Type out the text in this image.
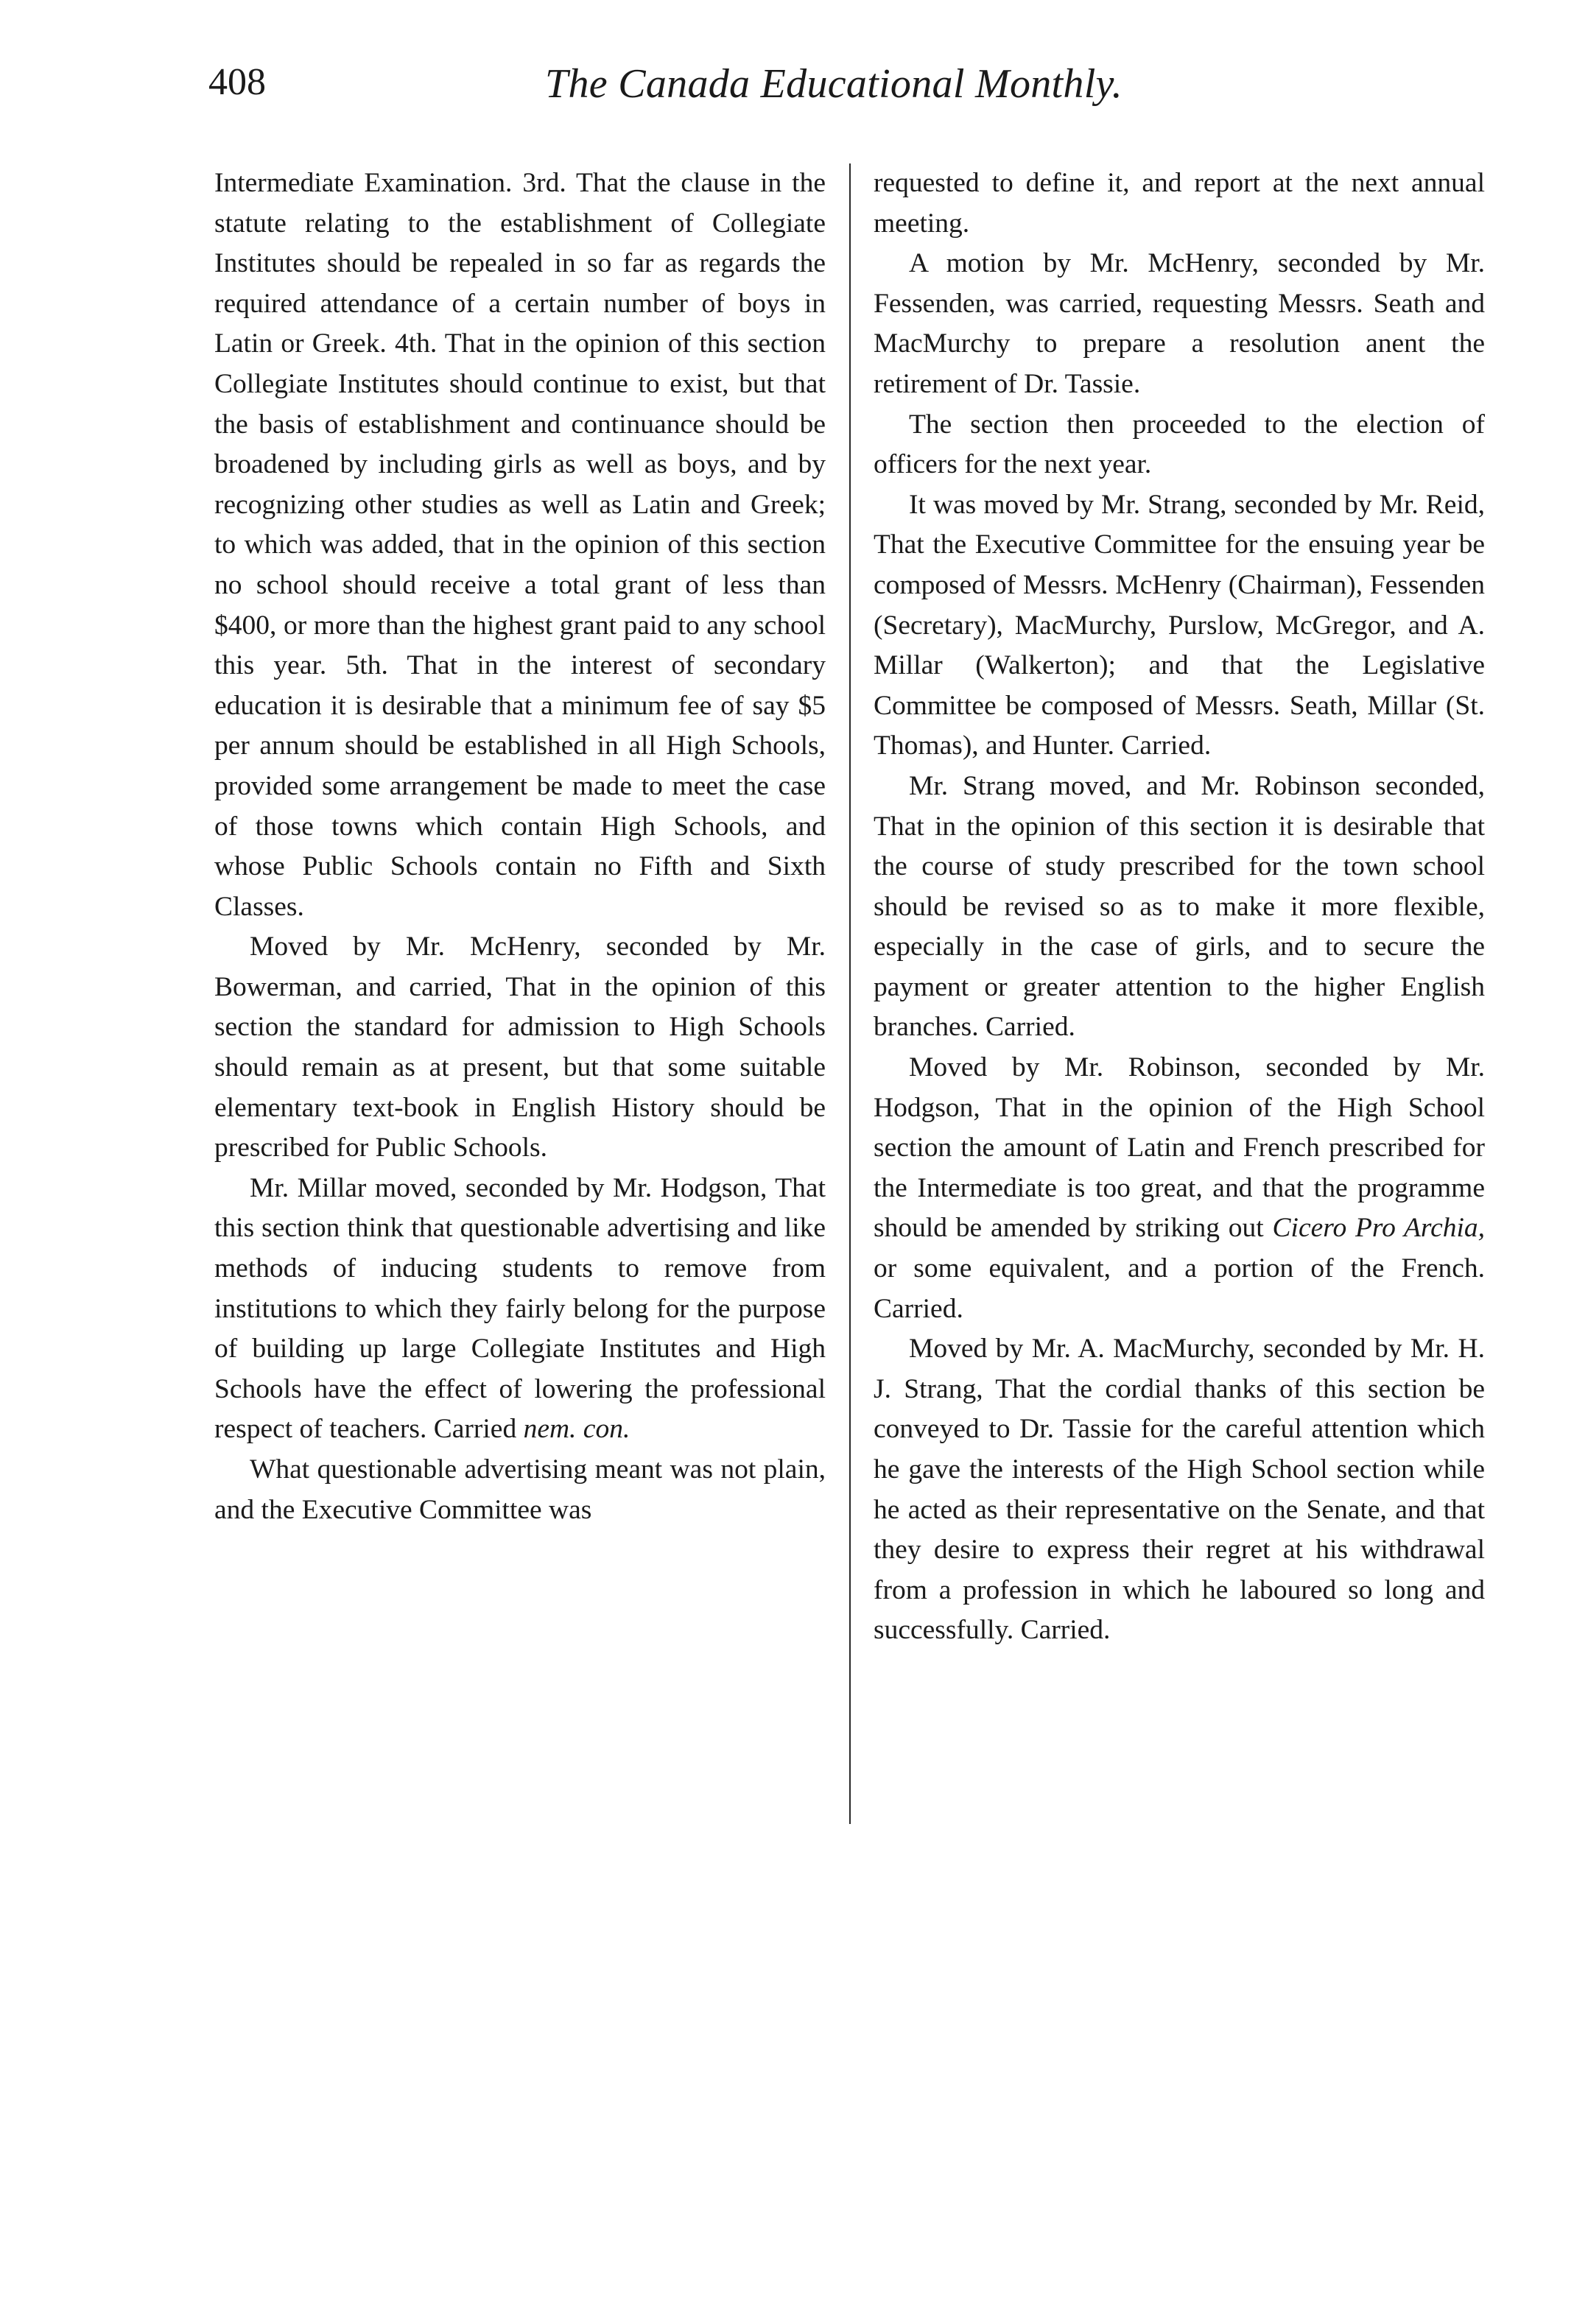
408	The Canada Educational Monthly.

Intermediate Examination. 3rd. That the clause in the statute relating to the establishment of Collegiate Institutes should be repealed in so far as regards the required attendance of a certain number of boys in Latin or Greek. 4th. That in the opinion of this section Collegiate Institutes should continue to exist, but that the basis of establishment and continuance should be broadened by including girls as well as boys, and by recognizing other studies as well as Latin and Greek; to which was added, that in the opinion of this section no school should receive a total grant of less than $400, or more than the highest grant paid to any school this year. 5th. That in the interest of secondary education it is desirable that a minimum fee of say $5 per annum should be established in all High Schools, provided some arrangement be made to meet the case of those towns which contain High Schools, and whose Public Schools contain no Fifth and Sixth Classes.

Moved by Mr. McHenry, seconded by Mr. Bowerman, and carried, That in the opinion of this section the standard for admission to High Schools should remain as at present, but that some suitable elementary text-book in English History should be prescribed for Public Schools.

Mr. Millar moved, seconded by Mr. Hodgson, That this section think that questionable advertising and like methods of inducing students to remove from institutions to which they fairly belong for the purpose of building up large Collegiate Institutes and High Schools have the effect of lowering the professional respect of teachers. Carried nem. con.

What questionable advertising meant was not plain, and the Executive Committee was

requested to define it, and report at the next annual meeting.

A motion by Mr. McHenry, seconded by Mr. Fessenden, was carried, requesting Messrs. Seath and MacMurchy to prepare a resolution anent the retirement of Dr. Tassie.

The section then proceeded to the election of officers for the next year.

It was moved by Mr. Strang, seconded by Mr. Reid, That the Executive Committee for the ensuing year be composed of Messrs. McHenry (Chairman), Fessenden (Secretary), MacMurchy, Purslow, McGregor, and A. Millar (Walkerton); and that the Legislative Committee be composed of Messrs. Seath, Millar (St. Thomas), and Hunter. Carried.

Mr. Strang moved, and Mr. Robinson seconded, That in the opinion of this section it is desirable that the course of study prescribed for the town school should be revised so as to make it more flexible, especially in the case of girls, and to secure the payment or greater attention to the higher English branches. Carried.

Moved by Mr. Robinson, seconded by Mr. Hodgson, That in the opinion of the High School section the amount of Latin and French prescribed for the Intermediate is too great, and that the programme should be amended by striking out Cicero Pro Archia, or some equivalent, and a portion of the French. Carried.

Moved by Mr. A. MacMurchy, seconded by Mr. H. J. Strang, That the cordial thanks of this section be conveyed to Dr. Tassie for the careful attention which he gave the interests of the High School section while he acted as their representative on the Senate, and that they desire to express their regret at his withdrawal from a profession in which he laboured so long and successfully. Carried.
